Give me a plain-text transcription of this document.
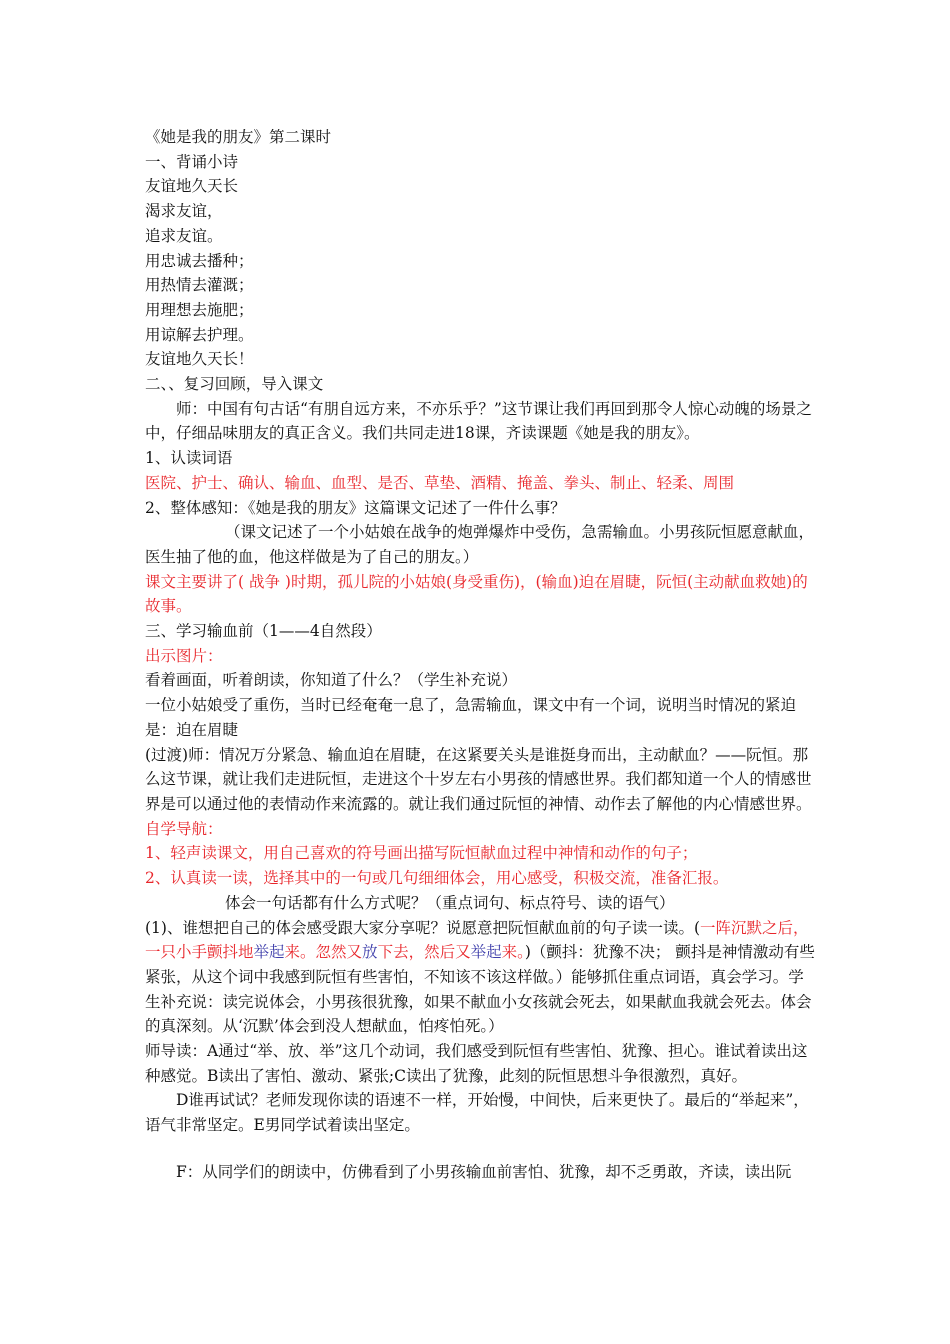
《她是我的朋友》第二课时

一、背诵小诗

友谊地久天长

渴求友谊，

追求友谊。

用忠诚去播种；

用热情去灌溉；

用理想去施肥；

用谅解去护理。

友谊地久天长！

二、、复习回顾，导入课文

师：中国有句古话“有朋自远方来，不亦乐乎？”这节课让我们再回到那令人惊心动魄的场景之中，仔细品味朋友的真正含义。我们共同走进18课，齐读课题《她是我的朋友》。

1、认读词语

医院、护士、确认、输血、血型、是否、草垫、酒精、掩盖、拳头、制止、轻柔、周围

2、整体感知：《她是我的朋友》这篇课文记述了一件什么事？

（课文记述了一个小姑娘在战争的炮弹爆炸中受伤，急需输血。小男孩阮恒愿意献血，医生抽了他的血，他这样做是为了自己的朋友。）

课文主要讲了( 战争 )时期，孤儿院的小姑娘(身受重伤)，(输血)迫在眉睫，阮恒(主动献血救她)的故事。

三、学习输血前（1——4自然段）

出示图片：

看着画面，听着朗读，你知道了什么？（学生补充说）

一位小姑娘受了重伤，当时已经奄奄一息了，急需输血，课文中有一个词，说明当时情况的紧迫是：迫在眉睫

(过渡)师：情况万分紧急、输血迫在眉睫，在这紧要关头是谁挺身而出，主动献血？——阮恒。那么这节课，就让我们走进阮恒，走进这个十岁左右小男孩的情感世界。我们都知道一个人的情感世界是可以通过他的表情动作来流露的。就让我们通过阮恒的神情、动作去了解他的内心情感世界。

自学导航：

1、轻声读课文，用自己喜欢的符号画出描写阮恒献血过程中神情和动作的句子；

2、认真读一读，选择其中的一句或几句细细体会，用心感受，积极交流，准备汇报。

体会一句话都有什么方式呢？（重点词句、标点符号、读的语气）

(1)、谁想把自己的体会感受跟大家分享呢？说愿意把阮恒献血前的句子读一读。(一阵沉默之后，一只小手颤抖地举起来。忽然又放下去，然后又举起来。)（颤抖：犹豫不决； 颤抖是神情激动有些紧张，从这个词中我感到阮恒有些害怕，不知该不该这样做。）能够抓住重点词语，真会学习。学生补充说：读完说体会，小男孩很犹豫，如果不献血小女孩就会死去，如果献血我就会死去。体会的真深刻。从‘沉默’体会到没人想献血，怕疼怕死。）

师导读：A通过“举、放、举”这几个动词，我们感受到阮恒有些害怕、犹豫、担心。谁试着读出这种感觉。B读出了害怕、激动、紧张;C读出了犹豫，此刻的阮恒思想斗争很激烈，真好。

D谁再试试？老师发现你读的语速不一样，开始慢，中间快，后来更快了。最后的“举起来”，语气非常坚定。E男同学试着读出坚定。

F：从同学们的朗读中，仿佛看到了小男孩输血前害怕、犹豫，却不乏勇敢，齐读，读出阮
